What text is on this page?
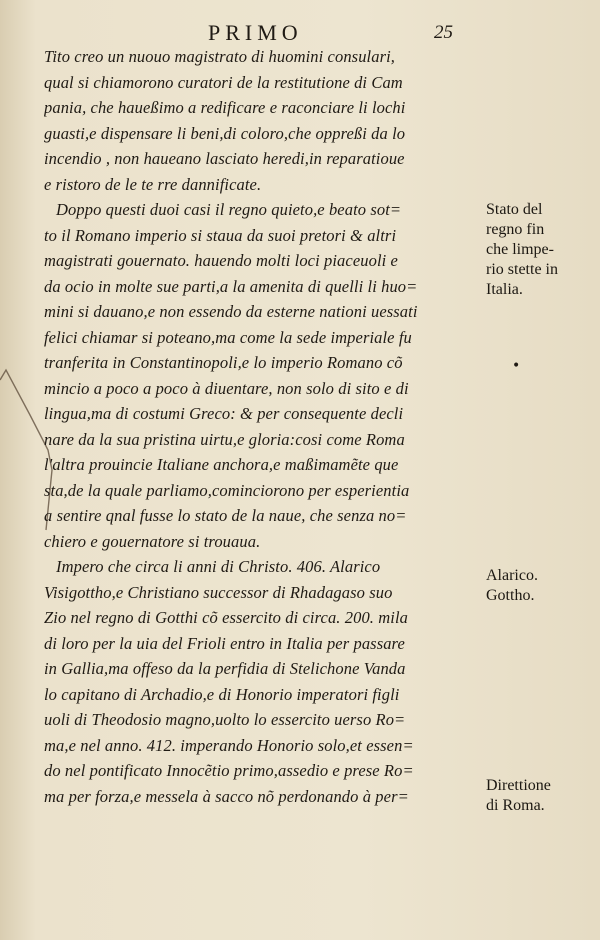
PRIMO	25
Tito creo un nuouo magistrato di huomini consulari,
qual si chiamorono curatori de la restitutione di Cam
pania, che haueßimo a redificare e raconciare li lochi
guasti,e dispensare li beni,di coloro,che oppreßi da lo
incendio , non haueano lasciato heredi,in reparatioue
e ristoro de le te rre dannificate.
Doppo questi duoi casi il regno quieto,e beato sot=
to il Romano imperio si staua da suoi pretori & altri
magistrati gouernato. hauendo molti loci piaceuoli e
da ocio in molte sue parti,a la amenita di quelli li huo=
mini si dauano,e non essendo da esterne nationi uessati
felici chiamar si poteano,ma come la sede imperiale fu
tranferita in Constantinopoli,e lo imperio Romano cõ
mincio a poco a poco à diuentare, non solo di sito e di
lingua,ma di costumi Greco: & per consequente decli
nare da la sua pristina uirtu,e gloria:cosi come Roma
l'altra prouincie Italiane anchora,e maßimamẽte que
sta,de la quale parliamo,cominciorono per esperientia
a sentire qnal fusse lo stato de la naue, che senza no=
chiero e gouernatore si trouaua.
Impero che circa li anni di Christo. 406. Alarico
Visigotthο,e Christiano successor di Rhadagaso suo
Zio nel regno di Gotthi cõ essercito di circa. 200. mila
di loro per la uia del Frioli entro in Italia per passare
in Gallia,ma offeso da la perfidia di Stelichone Vanda
lo capitano di Archadio,e di Honorio imperatori figli
uoli di Theodosio magno,uolto lo essercito uerso Ro=
ma,e nel anno. 412. imperando Honorio solo,et essen=
do nel pontificato Innocẽtio primo,assedio e prese Ro=
ma per forza,e messela à sacco nõ perdonando à per=
Stato del
regno fin
che limpe-
rio stette in
Italia.
Alarico.
Gottho.
Direttione
di Roma.
•
